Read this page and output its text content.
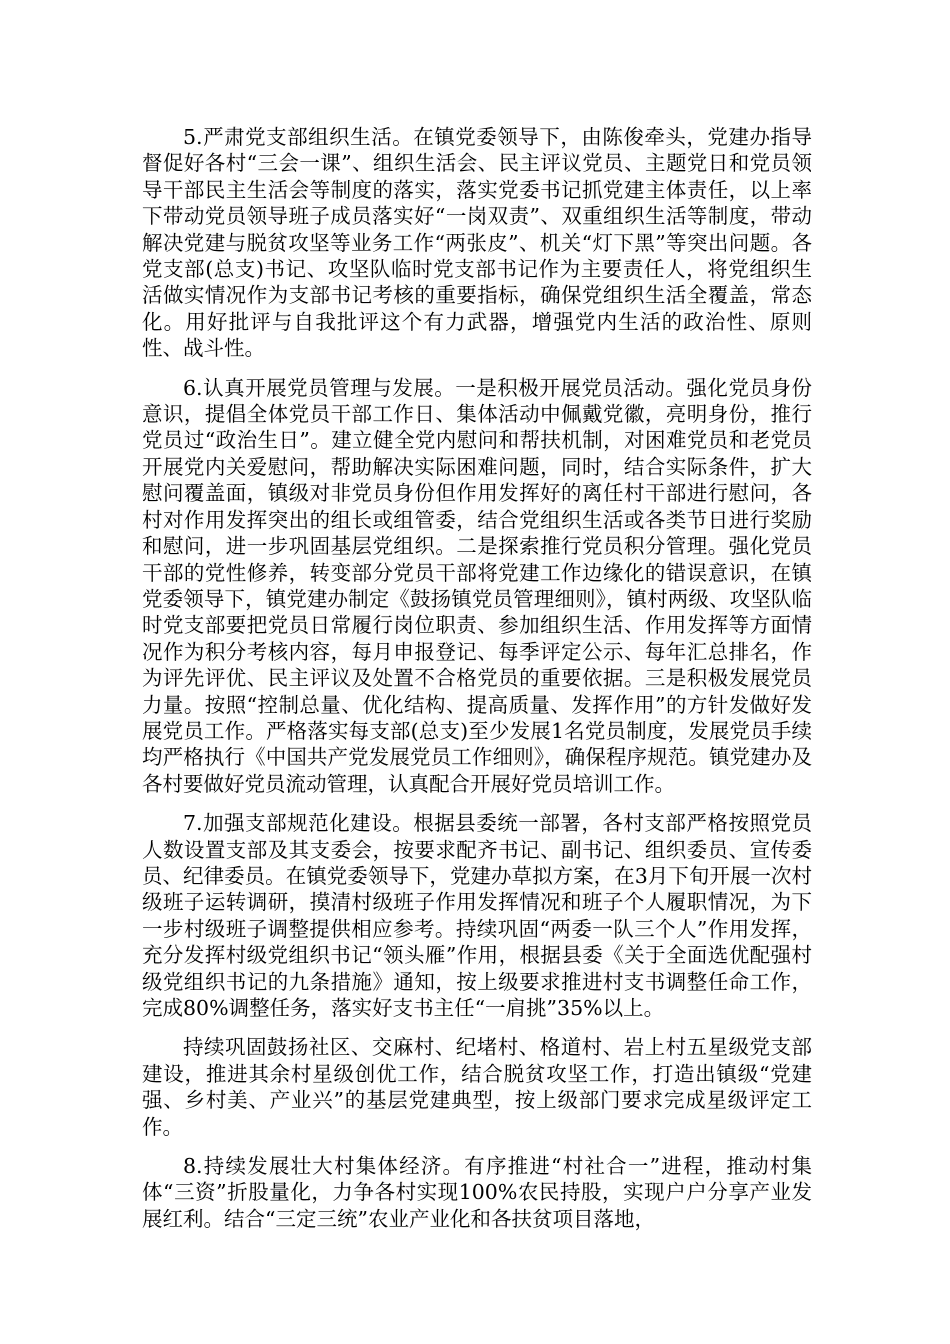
5.严肃党支部组织生活。在镇党委领导下，由陈俊牵头，党建办指导督促好各村“三会一课”、组织生活会、民主评议党员、主题党日和党员领导干部民主生活会等制度的落实，落实党委书记抓党建主体责任，以上率下带动党员领导班子成员落实好“一岗双责”、双重组织生活等制度，带动解决党建与脱贫攻坚等业务工作“两张皮”、机关“灯下黑”等突出问题。各党支部(总支)书记、攻坚队临时党支部书记作为主要责任人，将党组织生活做实情况作为支部书记考核的重要指标，确保党组织生活全覆盖，常态化。用好批评与自我批评这个有力武器，增强党内生活的政治性、原则性、战斗性。

6.认真开展党员管理与发展。一是积极开展党员活动。强化党员身份意识，提倡全体党员干部工作日、集体活动中佩戴党徽，亮明身份，推行党员过“政治生日”。建立健全党内慰问和帮扶机制，对困难党员和老党员开展党内关爱慰问，帮助解决实际困难问题，同时，结合实际条件，扩大慰问覆盖面，镇级对非党员身份但作用发挥好的离任村干部进行慰问，各村对作用发挥突出的组长或组管委，结合党组织生活或各类节日进行奖励和慰问，进一步巩固基层党组织。二是探索推行党员积分管理。强化党员干部的党性修养，转变部分党员干部将党建工作边缘化的错误意识，在镇党委领导下，镇党建办制定《鼓扬镇党员管理细则》，镇村两级、攻坚队临时党支部要把党员日常履行岗位职责、参加组织生活、作用发挥等方面情况作为积分考核内容，每月申报登记、每季评定公示、每年汇总排名，作为评先评优、民主评议及处置不合格党员的重要依据。三是积极发展党员力量。按照“控制总量、优化结构、提高质量、发挥作用”的方针发做好发展党员工作。严格落实每支部(总支)至少发展1名党员制度，发展党员手续均严格执行《中国共产党发展党员工作细则》，确保程序规范。镇党建办及各村要做好党员流动管理，认真配合开展好党员培训工作。

7.加强支部规范化建设。根据县委统一部署，各村支部严格按照党员人数设置支部及其支委会，按要求配齐书记、副书记、组织委员、宣传委员、纪律委员。在镇党委领导下，党建办草拟方案，在3月下旬开展一次村级班子运转调研，摸清村级班子作用发挥情况和班子个人履职情况，为下一步村级班子调整提供相应参考。持续巩固“两委一队三个人”作用发挥，充分发挥村级党组织书记“领头雁”作用，根据县委《关于全面选优配强村级党组织书记的九条措施》通知，按上级要求推进村支书调整任命工作，完成80%调整任务，落实好支书主任“一肩挑”35%以上。

持续巩固鼓扬社区、交麻村、纪堵村、格道村、岩上村五星级党支部建设，推进其余村星级创优工作，结合脱贫攻坚工作，打造出镇级“党建强、乡村美、产业兴”的基层党建典型，按上级部门要求完成星级评定工作。

8.持续发展壮大村集体经济。有序推进“村社合一”进程，推动村集体“三资”折股量化，力争各村实现100%农民持股，实现户户分享产业发展红利。结合“三定三统”农业产业化和各扶贫项目落地，
